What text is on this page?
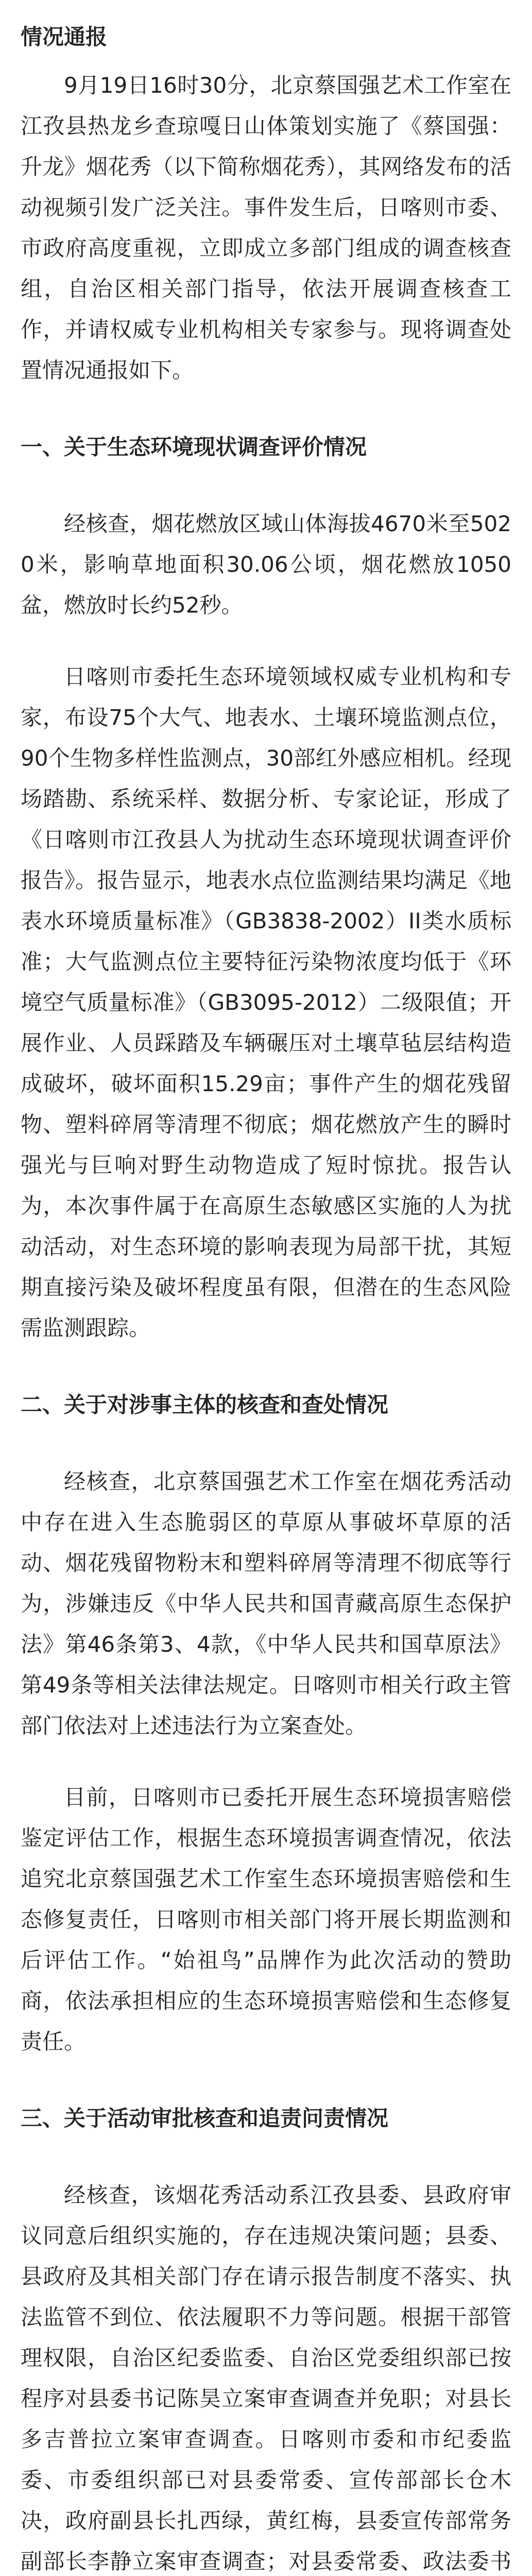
情况通报

9月19日16时30分，北京蔡国强艺术工作室在江孜县热龙乡查琼嘎日山体策划实施了《蔡国强：升龙》烟花秀（以下简称烟花秀），其网络发布的活动视频引发广泛关注。事件发生后，日喀则市委、市政府高度重视，立即成立多部门组成的调查核查组，自治区相关部门指导，依法开展调查核查工作，并请权威专业机构相关专家参与。现将调查处置情况通报如下。

一、关于生态环境现状调查评价情况

经核查，烟花燃放区域山体海拔4670米至5020米，影响草地面积30.06公顷，烟花燃放1050盆，燃放时长约52秒。

日喀则市委托生态环境领域权威专业机构和专家，布设75个大气、地表水、土壤环境监测点位，90个生物多样性监测点，30部红外感应相机。经现场踏勘、系统采样、数据分析、专家论证，形成了《日喀则市江孜县人为扰动生态环境现状调查评价报告》。报告显示，地表水点位监测结果均满足《地表水环境质量标准》（GB3838-2002）II类水质标准；大气监测点位主要特征污染物浓度均低于《环境空气质量标准》（GB3095-2012）二级限值；开展作业、人员踩踏及车辆碾压对土壤草毡层结构造成破坏，破坏面积15.29亩；事件产生的烟花残留物、塑料碎屑等清理不彻底；烟花燃放产生的瞬时强光与巨响对野生动物造成了短时惊扰。报告认为，本次事件属于在高原生态敏感区实施的人为扰动活动，对生态环境的影响表现为局部干扰，其短期直接污染及破坏程度虽有限，但潜在的生态风险需监测跟踪。

二、关于对涉事主体的核查和查处情况

经核查，北京蔡国强艺术工作室在烟花秀活动中存在进入生态脆弱区的草原从事破坏草原的活动、烟花残留物粉末和塑料碎屑等清理不彻底等行为，涉嫌违反《中华人民共和国青藏高原生态保护法》第46条第3、4款，《中华人民共和国草原法》第49条等相关法律法规定。日喀则市相关行政主管部门依法对上述违法行为立案查处。

目前，日喀则市已委托开展生态环境损害赔偿鉴定评估工作，根据生态环境损害调查情况，依法追究北京蔡国强艺术工作室生态环境损害赔偿和生态修复责任，日喀则市相关部门将开展长期监测和后评估工作。“始祖鸟”品牌作为此次活动的赞助商，依法承担相应的生态环境损害赔偿和生态修复责任。

三、关于活动审批核查和追责问责情况

经核查，该烟花秀活动系江孜县委、县政府审议同意后组织实施的，存在违规决策问题；县委、县政府及其相关部门存在请示报告制度不落实、执法监管不到位、依法履职不力等问题。根据干部管理权限，自治区纪委监委、自治区党委组织部已按程序对县委书记陈昊立案审查调查并免职；对县长多吉普拉立案审查调查。日喀则市委和市纪委监委、市委组织部已对县委常委、宣传部部长仓木决，政府副县长扎西绿，黄红梅，县委宣传部常务副部长李静立案审查调查；对县委常委、政法委书
